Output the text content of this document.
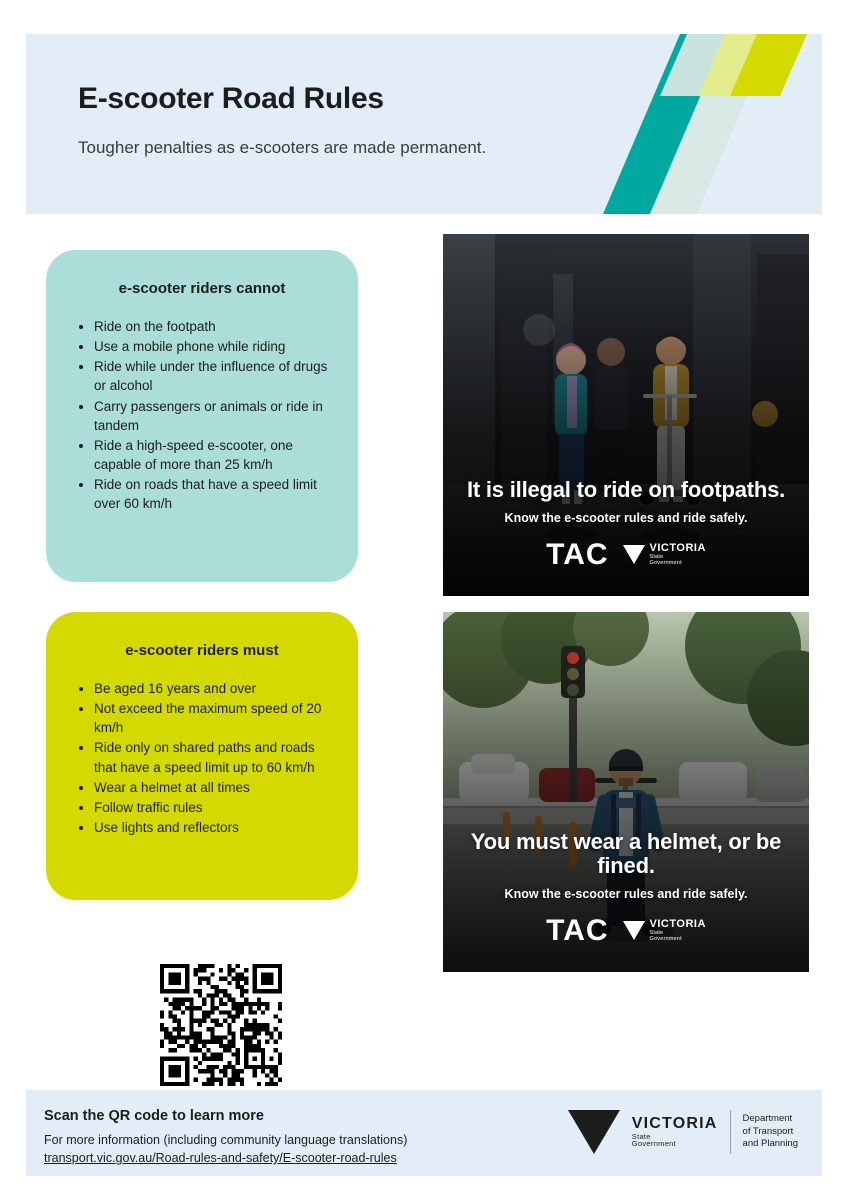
E-scooter Road Rules

Tougher penalties as e-scooters are made permanent.

e-scooter riders cannot
• Ride on the footpath
• Use a mobile phone while riding
• Ride while under the influence of drugs or alcohol
• Carry passengers or animals or ride in tandem
• Ride a high-speed e-scooter, one capable of more than 25 km/h
• Ride on roads that have a speed limit over 60 km/h
e-scooter riders must
• Be aged 16 years and over
• Not exceed the maximum speed of 20 km/h
• Ride only on shared paths and roads that have a speed limit up to 60 km/h
• Wear a helmet at all times
• Follow traffic rules
• Use lights and reflectors

It is illegal to ride on footpaths.

Know the e-scooter rules and ride safely.

TAC	VICTORIA
State
Government

You must wear a helmet, or be fined.

Know the e-scooter rules and ride safely.

TAC	VICTORIA
State
Government

Scan the QR code to learn more

For more information (including community language translations)

transport.vic.gov.au/Road-rules-and-safety/E-scooter-road-rules
VICTORIA
State
Government
Department
of Transport
and Planning
